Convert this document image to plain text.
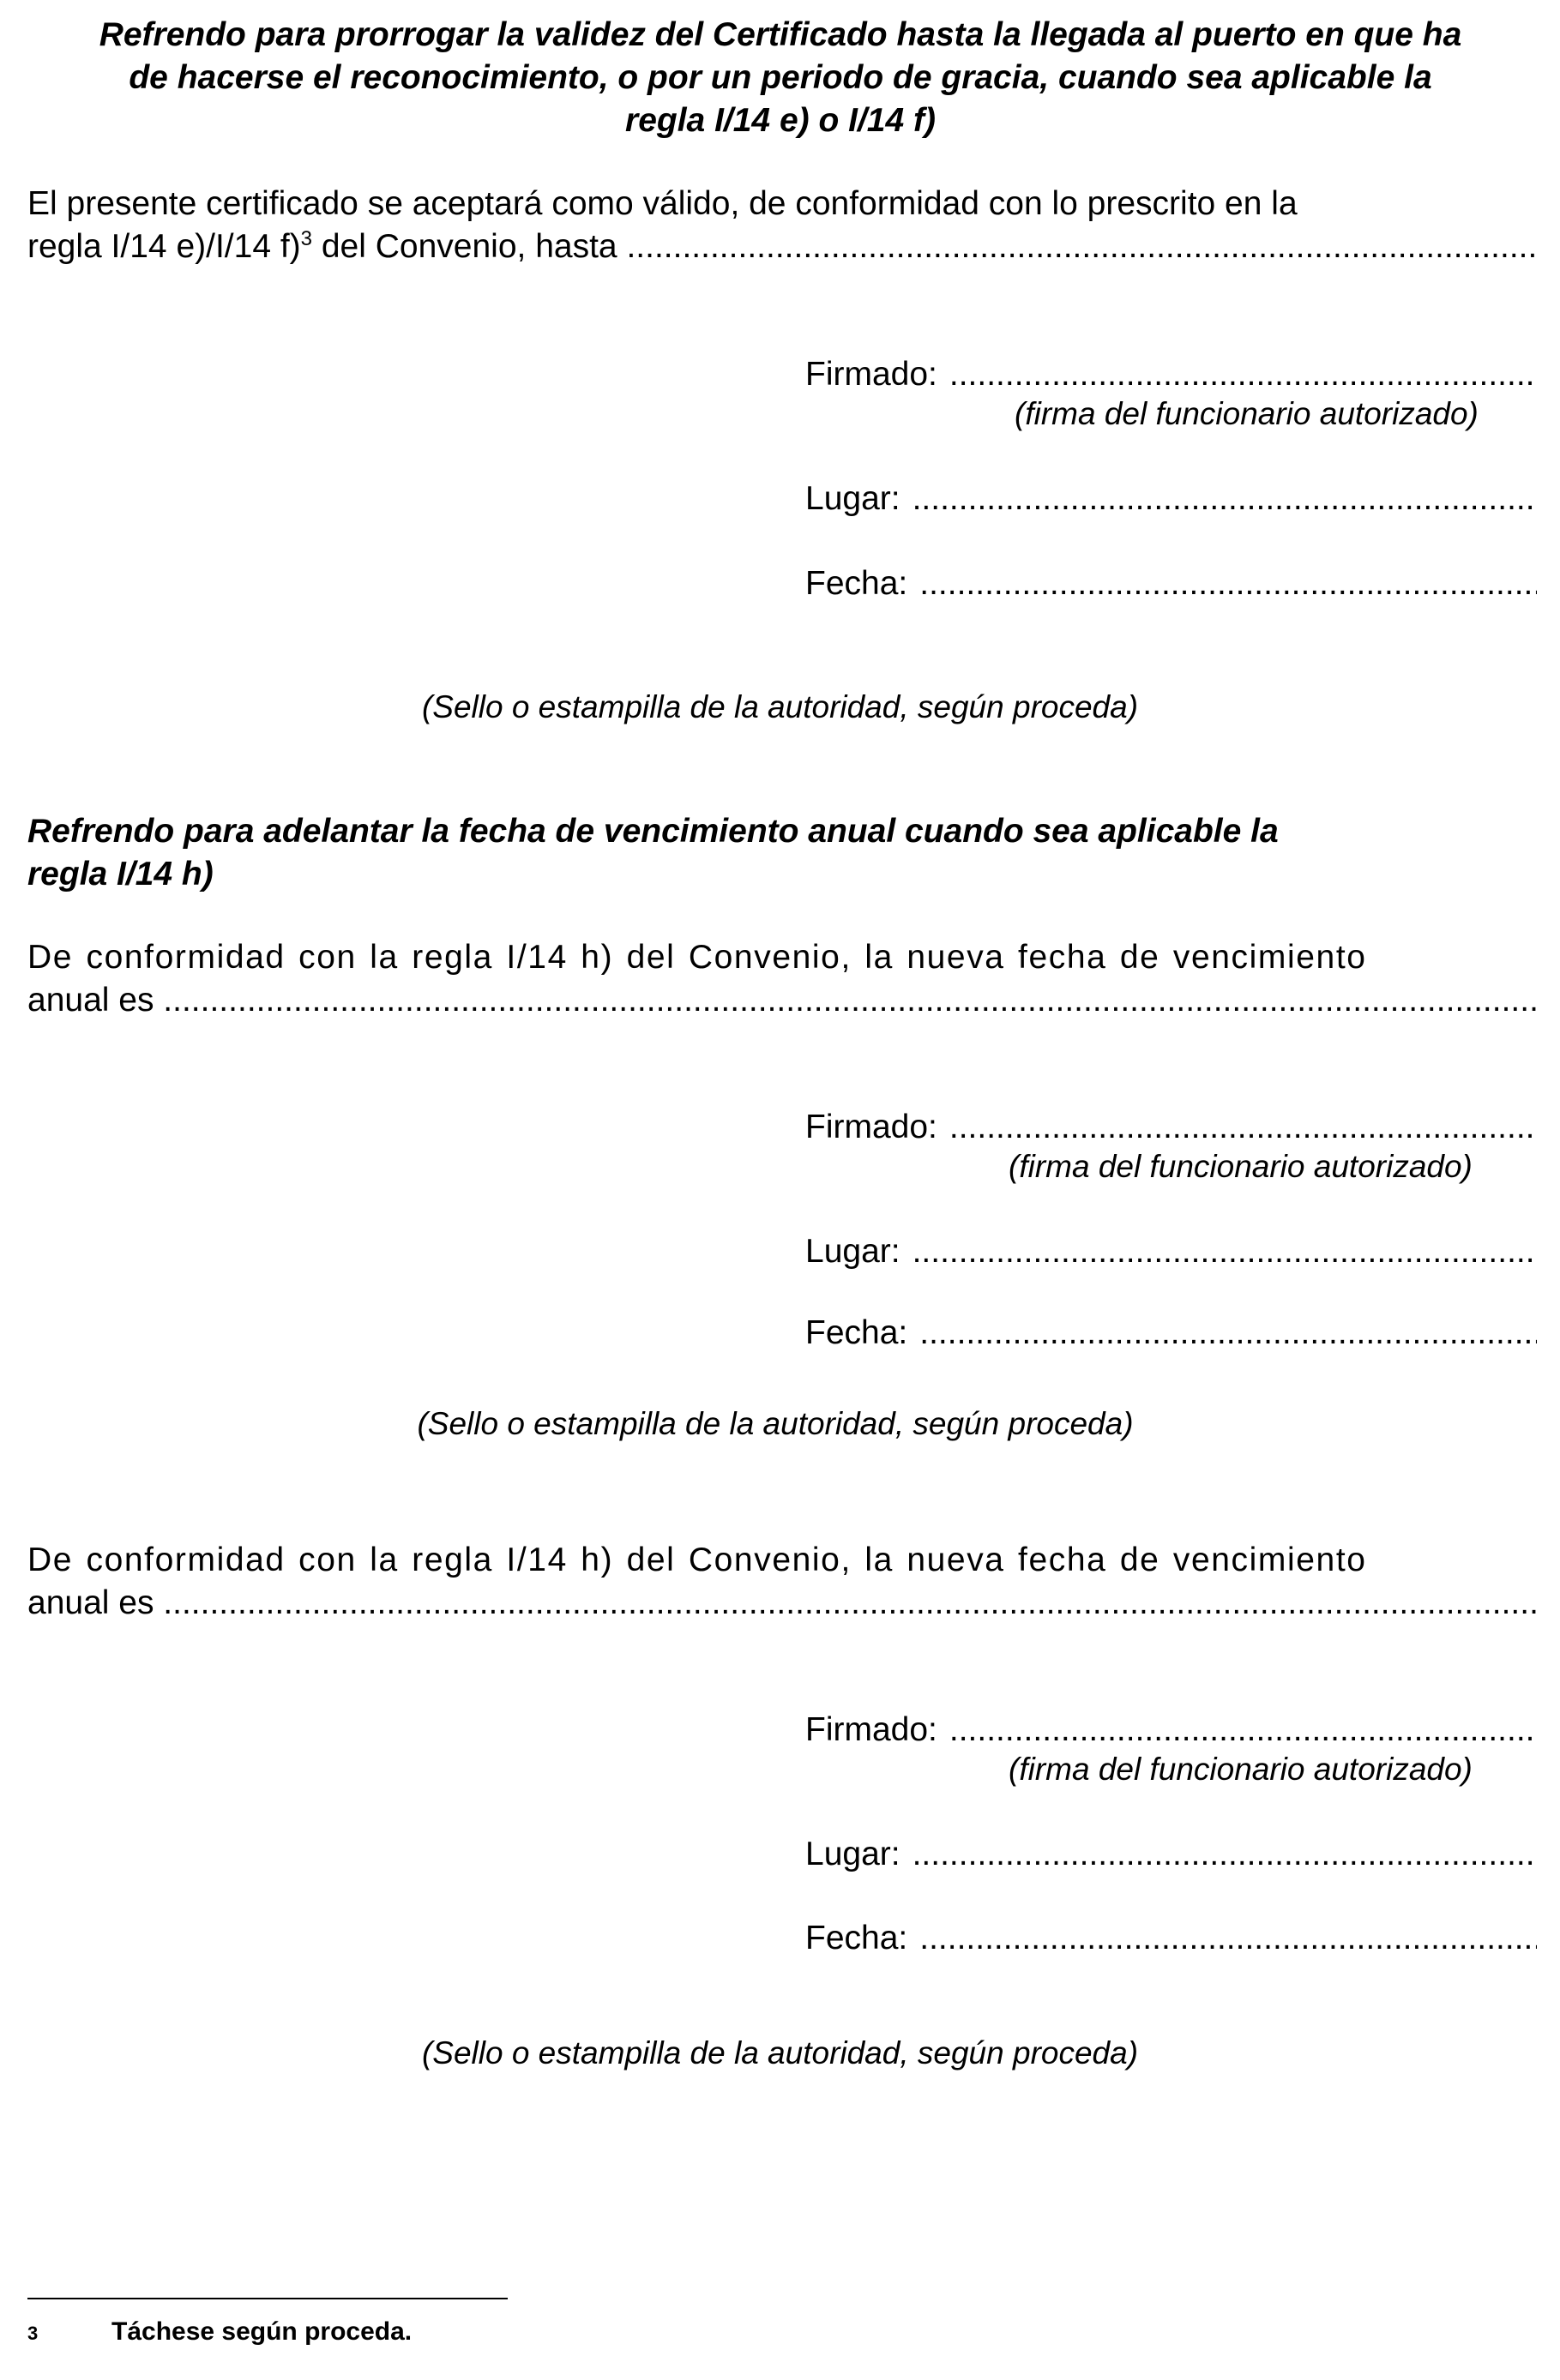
Refrendo para prorrogar la validez del Certificado hasta la llegada al puerto en que ha
de hacerse el reconocimiento, o por un periodo de gracia, cuando sea aplicable la
regla I/14 e) o I/14 f)
El presente certificado se aceptará como válido, de conformidad con lo prescrito en la
regla I/14 e)/I/14 f)$^3$ del Convenio, hasta
.....
Firmado:
.....
(firma del funcionario autorizado)
Lugar:
.....
Fecha:
.....
(Sello o estampilla de la autoridad, según proceda)
Refrendo para adelantar la fecha de vencimiento anual cuando sea aplicable la
regla I/14 h)
De conformidad con la regla I/14 h) del Convenio, la nueva fecha de vencimiento
anual es
.....
Firmado:
.....
(firma del funcionario autorizado)
Lugar:
.....
Fecha:
.....
(Sello o estampilla de la autoridad, según proceda)
De conformidad con la regla I/14 h) del Convenio, la nueva fecha de vencimiento
anual es
.....
Firmado:
.....
(firma del funcionario autorizado)
Lugar:
.....
Fecha:
.....
(Sello o estampilla de la autoridad, según proceda)
3	Táchese según proceda.
